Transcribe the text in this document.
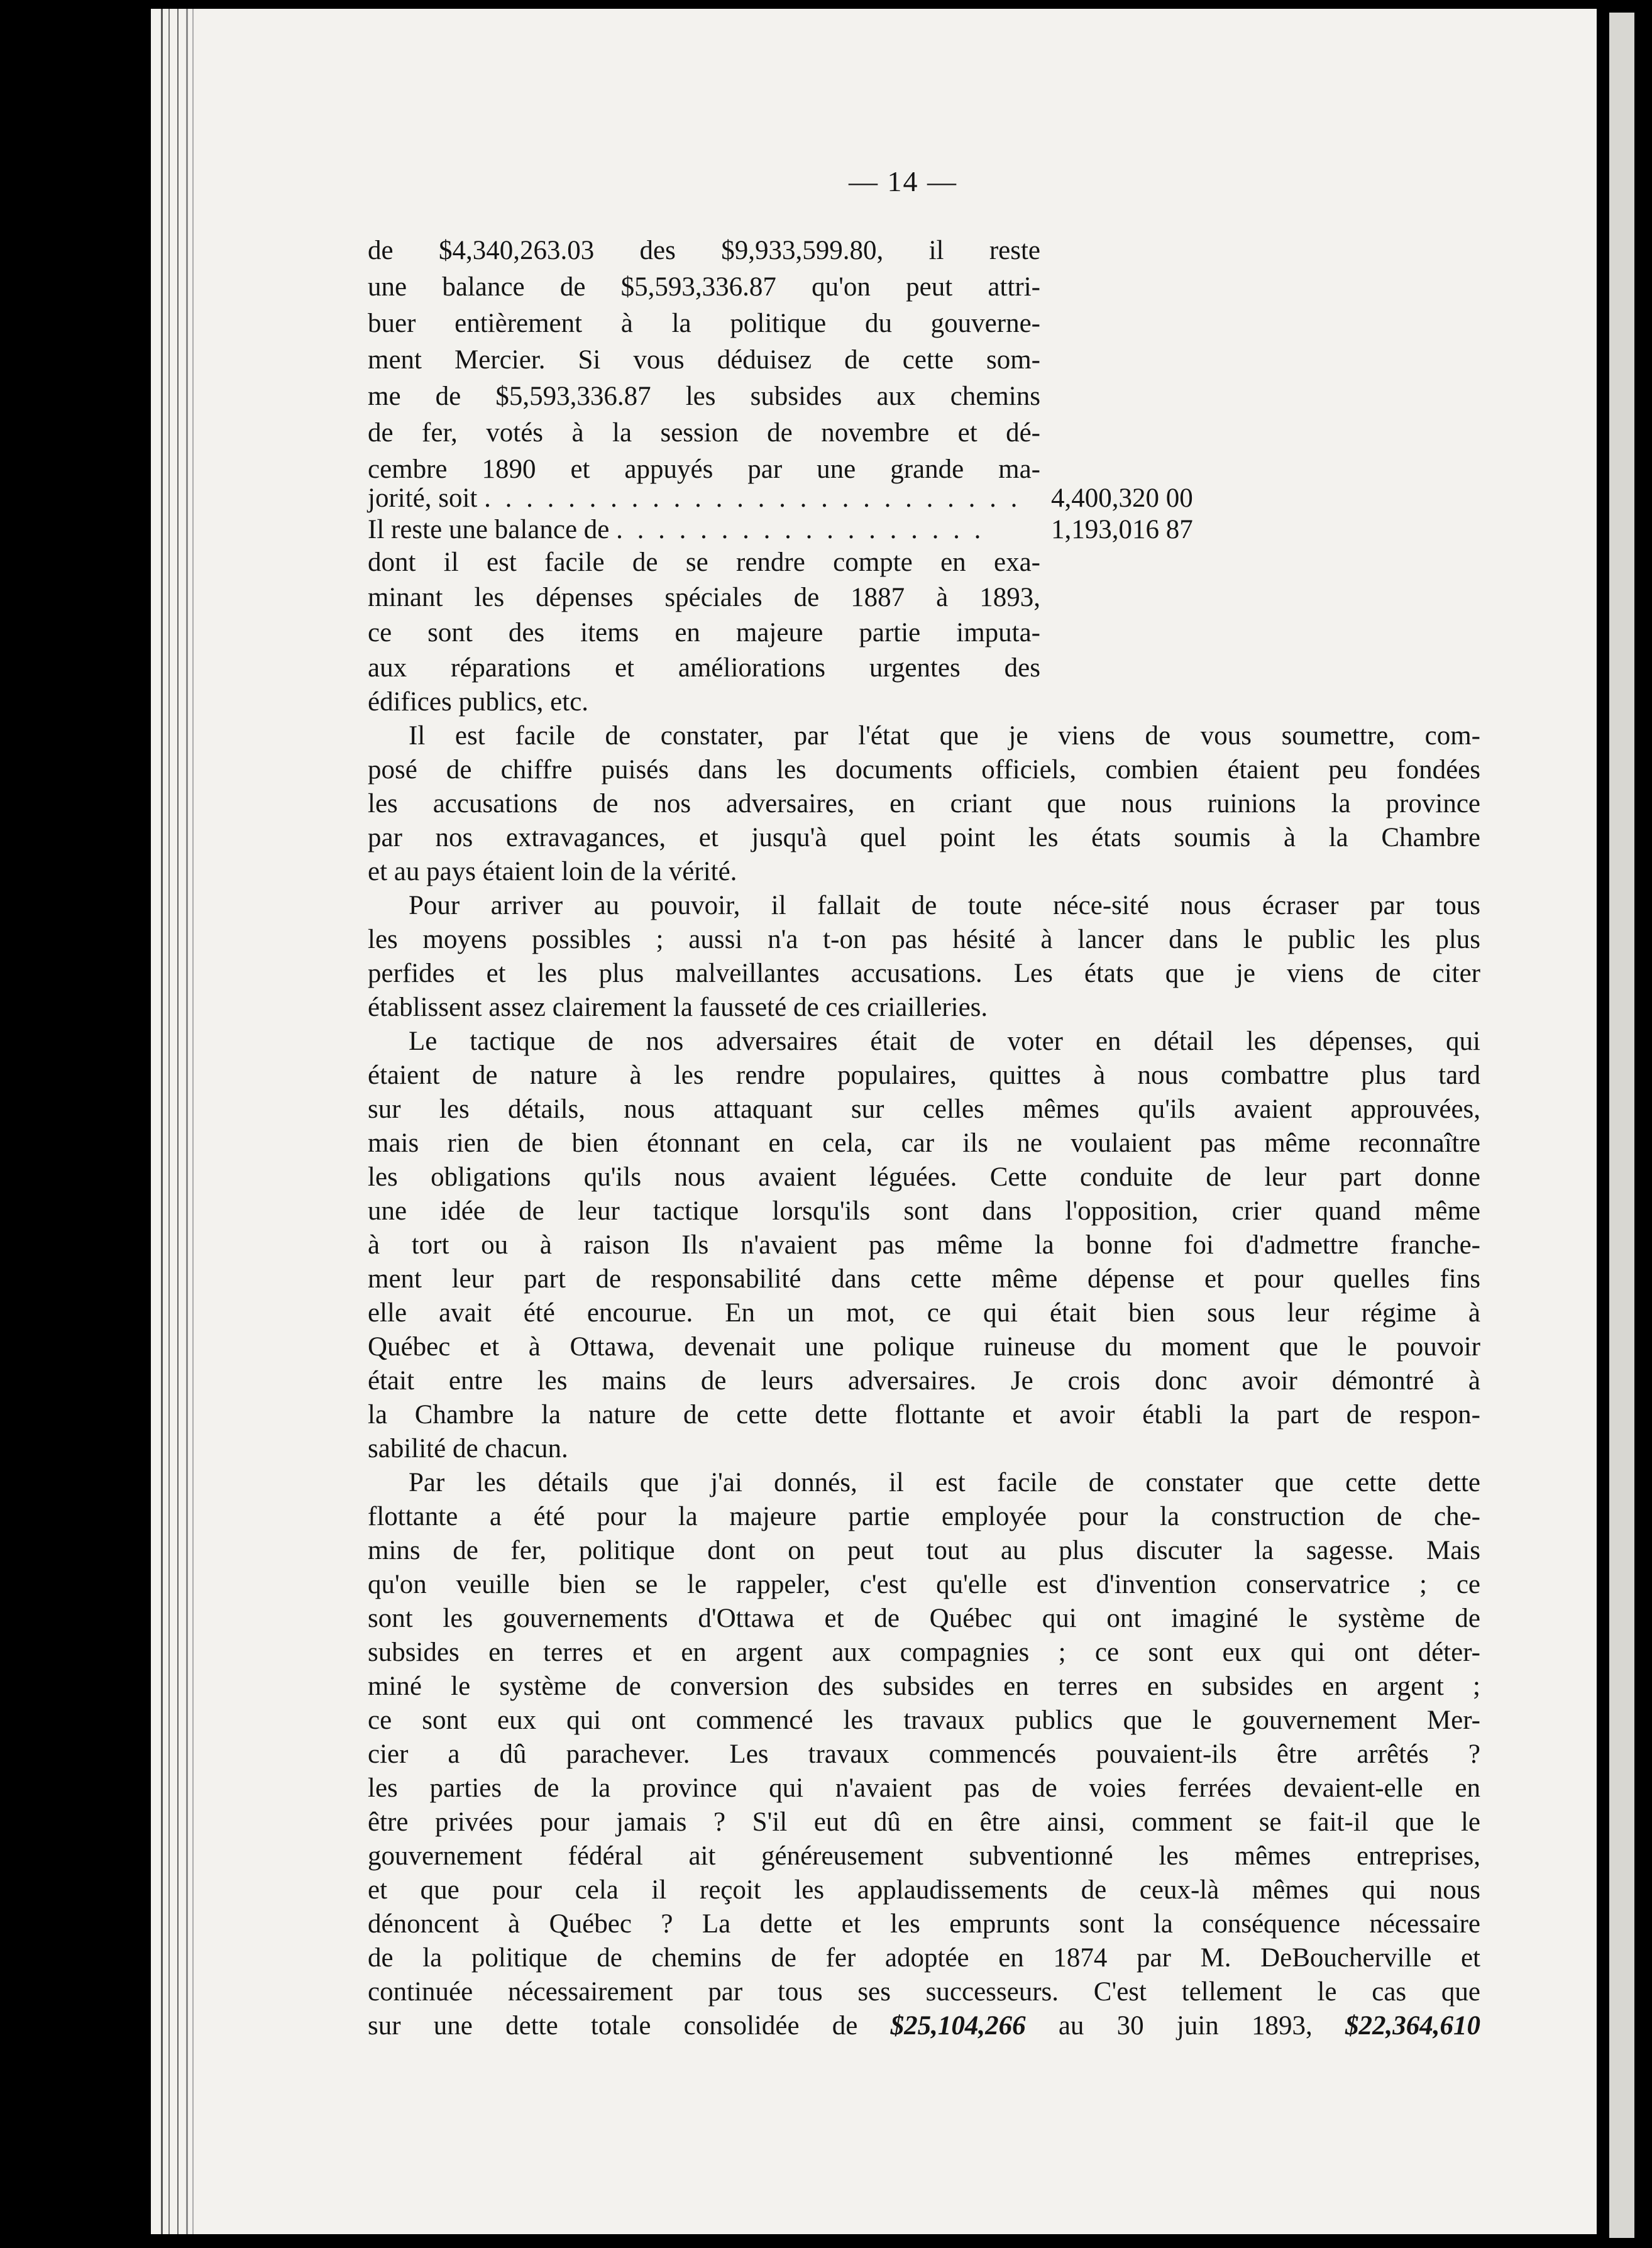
— 14 —
de $4,340,263.03 des $9,933,599.80, il reste
une balance de $5,593,336.87 qu'on peut attri-
buer entièrement à la politique du gouverne-
ment Mercier. Si vous déduisez de cette som-
me de $5,593,336.87 les subsides aux chemins
de fer, votés à la session de novembre et dé-
cembre 1890 et appuyés par une grande ma-
jorité, soit . . . . . . . . . . . . . . . . . . . . . . . . . .	4,400,320 00
Il reste une balance de . . . . . . . . . . . . . . . . . .	1,193,016 87
dont il est facile de se rendre compte en exa-
minant les dépenses spéciales de 1887 à 1893,
ce sont des items en majeure partie imputa-
aux réparations et améliorations urgentes des
édifices publics, etc.
Il est facile de constater, par l'état que je viens de vous soumettre, com-
posé de chiffre puisés dans les documents officiels, combien étaient peu fondées
les accusations de nos adversaires, en criant que nous ruinions la province
par nos extravagances, et jusqu'à quel point les états soumis à la Chambre
et au pays étaient loin de la vérité.
Pour arriver au pouvoir, il fallait de toute néce-sité nous écraser par tous
les moyens possibles ; aussi n'a t-on pas hésité à lancer dans le public les plus
perfides et les plus malveillantes accusations. Les états que je viens de citer
établissent assez clairement la fausseté de ces criailleries.
Le tactique de nos adversaires était de voter en détail les dépenses, qui
étaient de nature à les rendre populaires, quittes à nous combattre plus tard
sur les détails, nous attaquant sur celles mêmes qu'ils avaient approuvées,
mais rien de bien étonnant en cela, car ils ne voulaient pas même reconnaître
les obligations qu'ils nous avaient léguées. Cette conduite de leur part donne
une idée de leur tactique lorsqu'ils sont dans l'opposition, crier quand même
à tort ou à raison Ils n'avaient pas même la bonne foi d'admettre franche-
ment leur part de responsabilité dans cette même dépense et pour quelles fins
elle avait été encourue. En un mot, ce qui était bien sous leur régime à
Québec et à Ottawa, devenait une polique ruineuse du moment que le pouvoir
était entre les mains de leurs adversaires. Je crois donc avoir démontré à
la Chambre la nature de cette dette flottante et avoir établi la part de respon-
sabilité de chacun.
Par les détails que j'ai donnés, il est facile de constater que cette dette
flottante a été pour la majeure partie employée pour la construction de che-
mins de fer, politique dont on peut tout au plus discuter la sagesse. Mais
qu'on veuille bien se le rappeler, c'est qu'elle est d'invention conservatrice ; ce
sont les gouvernements d'Ottawa et de Québec qui ont imaginé le système de
subsides en terres et en argent aux compagnies ; ce sont eux qui ont déter-
miné le système de conversion des subsides en terres en subsides en argent ;
ce sont eux qui ont commencé les travaux publics que le gouvernement Mer-
cier a dû parachever. Les travaux commencés pouvaient-ils être arrêtés ?
les parties de la province qui n'avaient pas de voies ferrées devaient-elle en
être privées pour jamais ? S'il eut dû en être ainsi, comment se fait-il que le
gouvernement fédéral ait généreusement subventionné les mêmes entreprises,
et que pour cela il reçoit les applaudissements de ceux-là mêmes qui nous
dénoncent à Québec ? La dette et les emprunts sont la conséquence nécessaire
de la politique de chemins de fer adoptée en 1874 par M. DeBoucherville et
continuée nécessairement par tous ses successeurs. C'est tellement le cas que
sur une dette totale consolidée de $25,104,266 au 30 juin 1893, $22,364,610
